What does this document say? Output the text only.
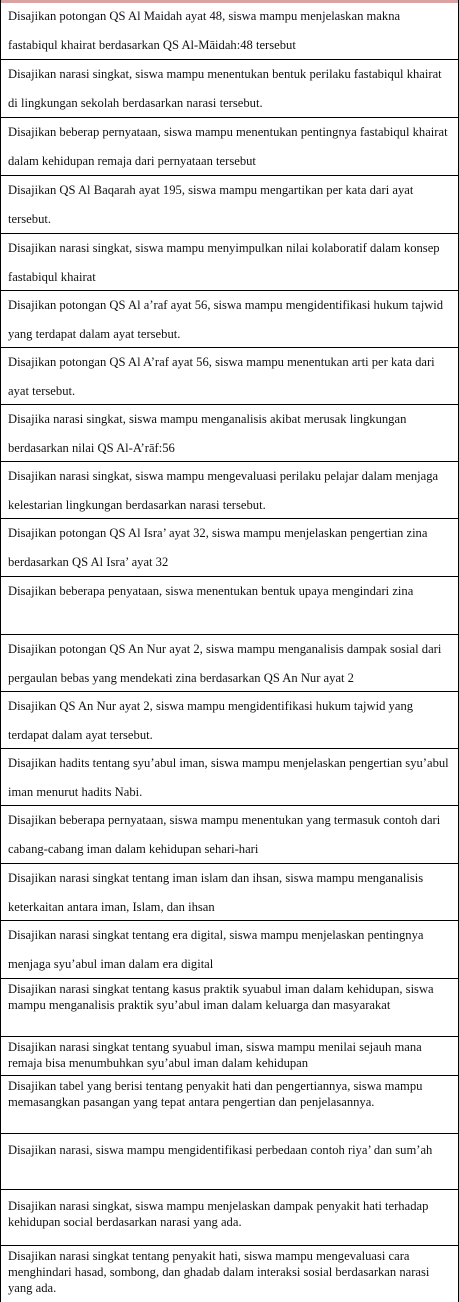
Disajikan potongan QS Al Maidah ayat 48, siswa mampu menjelaskan makna fastabiqul khairat berdasarkan QS Al-Māidah:48 tersebut
Disajikan narasi singkat, siswa mampu menentukan bentuk perilaku fastabiqul khairat di lingkungan sekolah berdasarkan narasi tersebut.
Disajikan beberap pernyataan, siswa mampu menentukan pentingnya fastabiqul khairat dalam kehidupan remaja dari pernyataan tersebut
Disajikan QS Al Baqarah ayat 195, siswa mampu mengartikan per kata dari ayat tersebut.
Disajikan narasi singkat, siswa mampu menyimpulkan nilai kolaboratif dalam konsep fastabiqul khairat
Disajikan potongan QS Al a’raf ayat 56, siswa mampu mengidentifikasi hukum tajwid yang terdapat dalam ayat tersebut.
Disajikan potongan QS Al A’raf ayat 56, siswa mampu menentukan arti per kata dari ayat tersebut.
Disajika narasi singkat, siswa mampu menganalisis akibat merusak lingkungan berdasarkan nilai QS Al-A’rāf:56
Disajikan narasi singkat, siswa mampu mengevaluasi perilaku pelajar dalam menjaga kelestarian lingkungan berdasarkan narasi tersebut.
Disajikan potongan QS Al Isra’ ayat 32, siswa mampu menjelaskan pengertian zina berdasarkan QS Al Isra’ ayat 32
Disajikan beberapa penyataan, siswa menentukan bentuk upaya mengindari zina
Disajikan potongan QS An Nur ayat 2, siswa mampu menganalisis dampak sosial dari pergaulan bebas yang mendekati zina berdasarkan QS An Nur ayat 2
Disajikan QS An Nur ayat 2, siswa mampu mengidentifikasi hukum tajwid yang terdapat dalam ayat tersebut.
Disajikan hadits tentang syu’abul iman, siswa mampu menjelaskan pengertian syu’abul iman menurut hadits Nabi.
Disajikan beberapa pernyataan, siswa mampu menentukan yang termasuk contoh dari cabang-cabang iman dalam kehidupan sehari-hari
Disajikan narasi singkat tentang iman islam dan ihsan, siswa mampu menganalisis keterkaitan antara iman, Islam, dan ihsan
Disajikan narasi singkat tentang era digital, siswa mampu menjelaskan pentingnya menjaga syu’abul iman dalam era digital
Disajikan narasi singkat tentang kasus praktik syuabul iman dalam kehidupan, siswa mampu menganalisis praktik syu’abul iman dalam keluarga dan masyarakat
Disajikan narasi singkat tentang syuabul iman, siswa mampu menilai sejauh mana remaja bisa menumbuhkan syu’abul iman dalam kehidupan
Disajikan tabel yang berisi tentang penyakit hati dan pengertiannya, siswa mampu memasangkan pasangan yang tepat antara pengertian dan penjelasannya.
Disajikan narasi, siswa mampu mengidentifikasi perbedaan contoh riya’ dan sum’ah
Disajikan narasi singkat, siswa mampu menjelaskan dampak penyakit hati terhadap kehidupan social berdasarkan narasi yang ada.
Disajikan narasi singkat tentang penyakit hati, siswa mampu mengevaluasi cara menghindari hasad, sombong, dan ghadab dalam interaksi sosial berdasarkan narasi yang ada.
